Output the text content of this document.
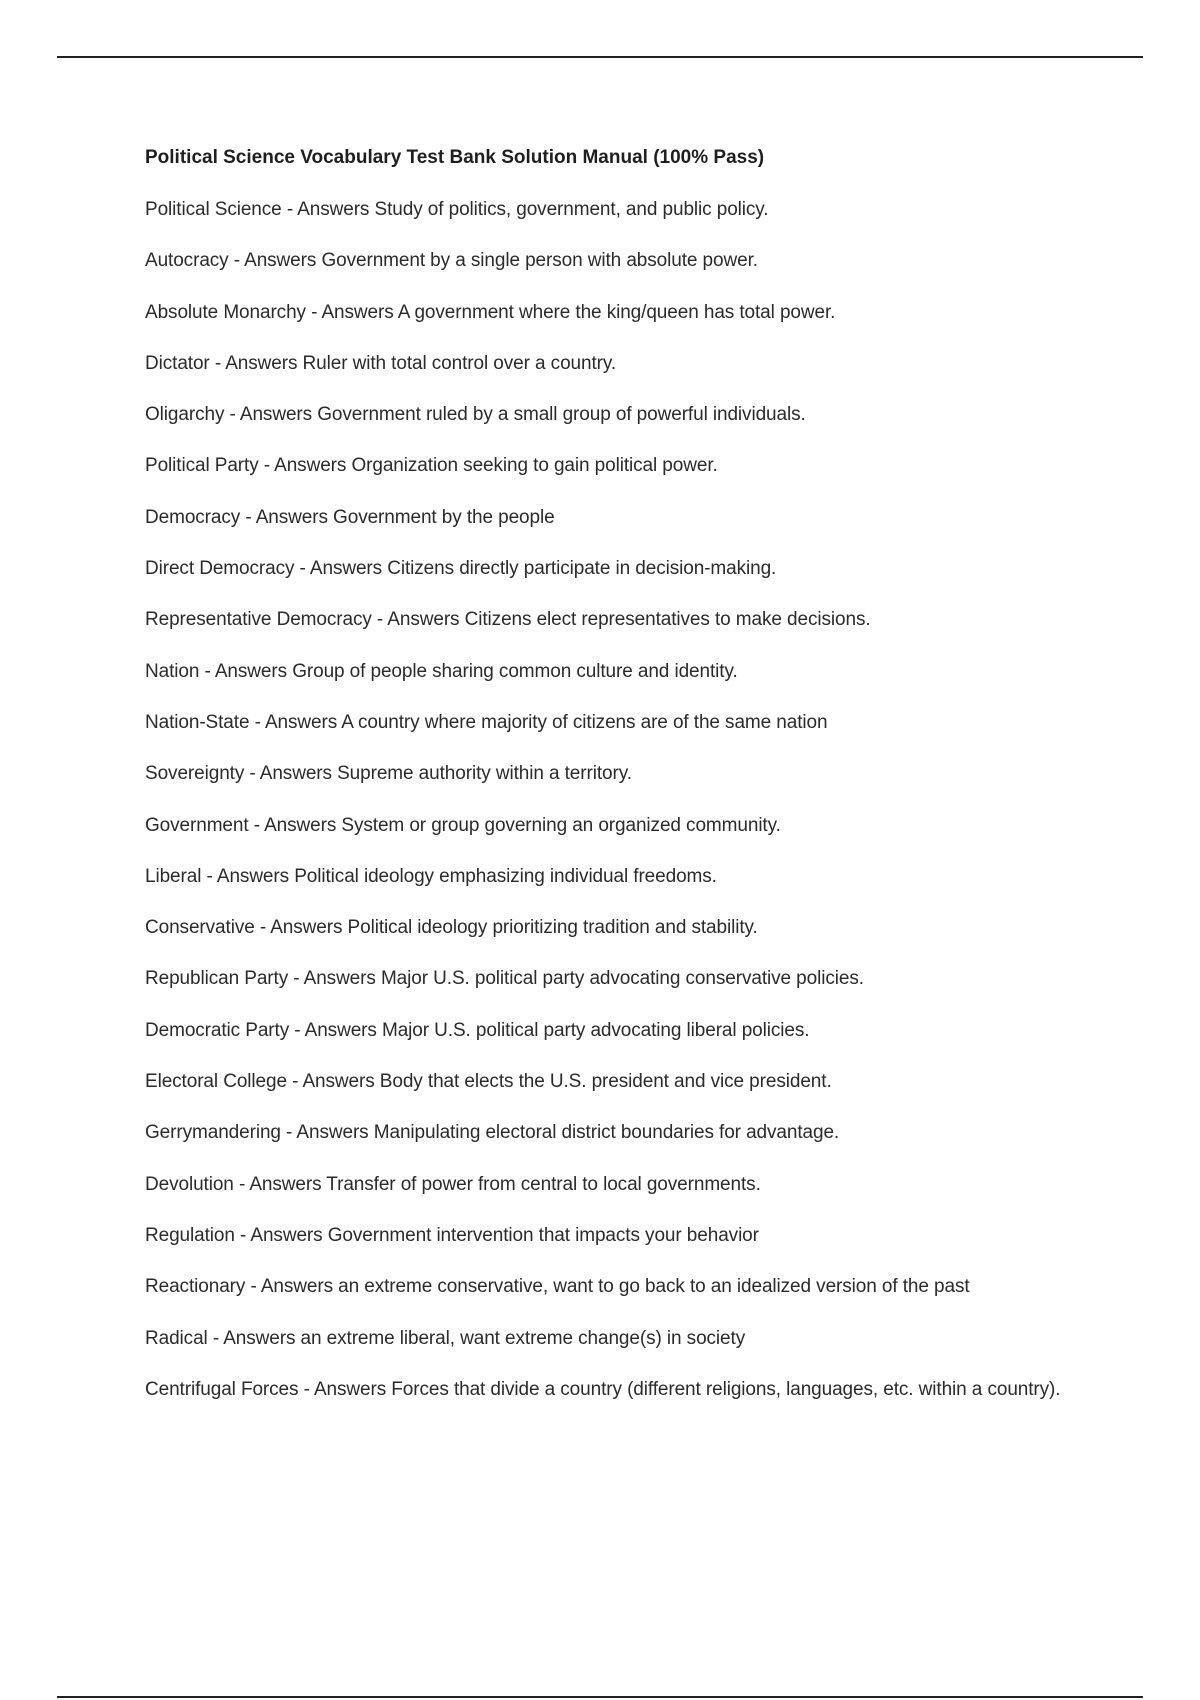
Political Science Vocabulary Test Bank Solution Manual (100% Pass)
Political Science - Answers Study of politics, government, and public policy.
Autocracy - Answers Government by a single person with absolute power.
Absolute Monarchy - Answers A government where the king/queen has total power.
Dictator - Answers Ruler with total control over a country.
Oligarchy - Answers Government ruled by a small group of powerful individuals.
Political Party - Answers Organization seeking to gain political power.
Democracy - Answers Government by the people
Direct Democracy - Answers Citizens directly participate in decision-making.
Representative Democracy - Answers Citizens elect representatives to make decisions.
Nation - Answers Group of people sharing common culture and identity.
Nation-State - Answers A country where majority of citizens are of the same nation
Sovereignty - Answers Supreme authority within a territory.
Government - Answers System or group governing an organized community.
Liberal - Answers Political ideology emphasizing individual freedoms.
Conservative - Answers Political ideology prioritizing tradition and stability.
Republican Party - Answers Major U.S. political party advocating conservative policies.
Democratic Party - Answers Major U.S. political party advocating liberal policies.
Electoral College - Answers Body that elects the U.S. president and vice president.
Gerrymandering - Answers Manipulating electoral district boundaries for advantage.
Devolution - Answers Transfer of power from central to local governments.
Regulation - Answers Government intervention that impacts your behavior
Reactionary - Answers an extreme conservative, want to go back to an idealized version of the past
Radical - Answers an extreme liberal, want extreme change(s) in society
Centrifugal Forces - Answers Forces that divide a country (different religions, languages, etc. within a country).
